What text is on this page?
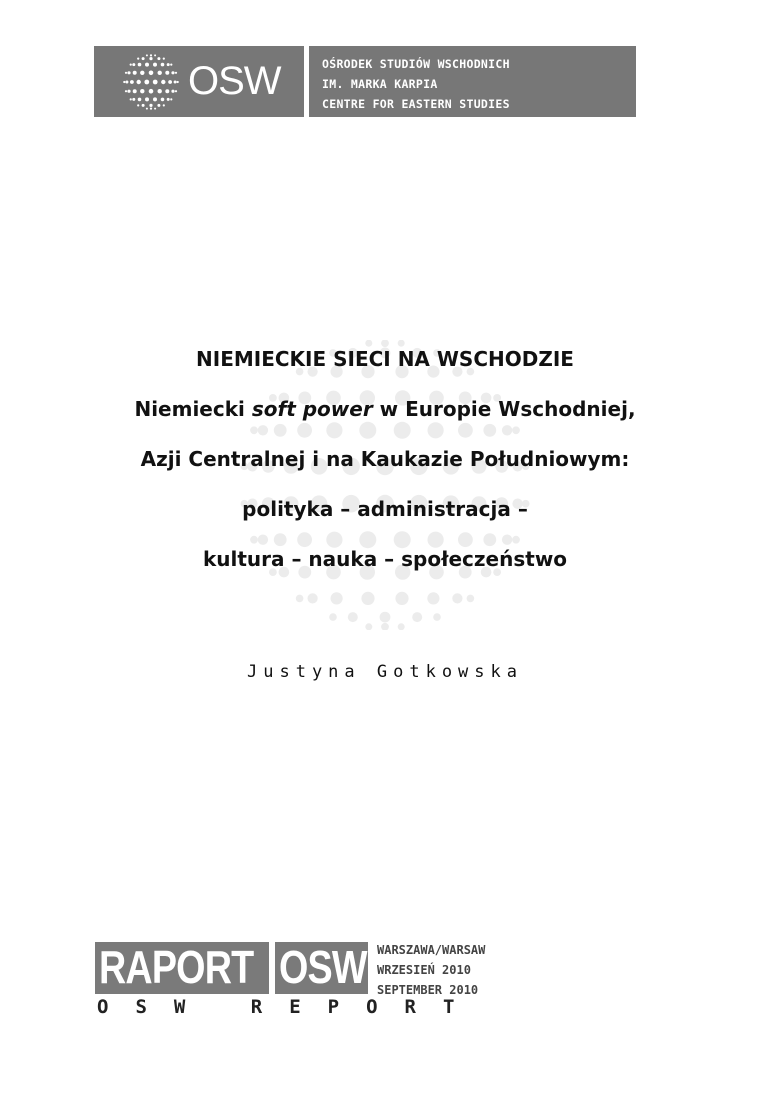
OSW	OŚRODEK STUDIÓW WSCHODNICH
IM. MARKA KARPIA
CENTRE FOR EASTERN STUDIES
NIEMIECKIE SIECI NA WSCHODZIE
Niemiecki soft power w Europie Wschodniej,
Azji Centralnej i na Kaukazie Południowym:
polityka – administracja –
kultura – nauka – społeczeństwo
Justyna Gotkowska
RAPORT OSW
OSW REPORT
WARSZAWA/WARSAW
WRZESIEŃ 2010
SEPTEMBER 2010
